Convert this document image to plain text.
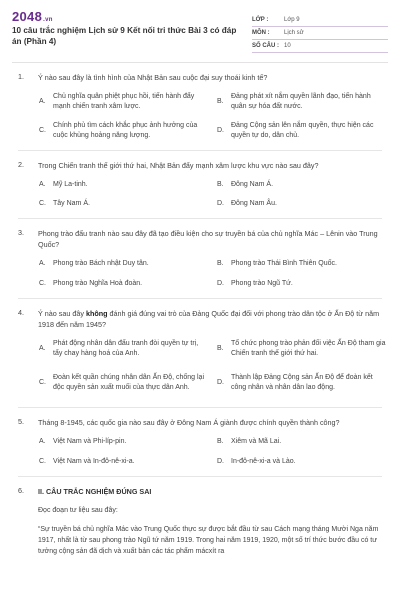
2048.vn
10 câu trắc nghiệm Lịch sử 9 Kết nối tri thức Bài 3 có đáp án (Phần 4)
LỚP :	Lớp 9
MÔN :	Lịch sử
SỐ CÂU : 10
1. Ý nào sau đây là tình hình của Nhật Bản sau cuộc đại suy thoái kinh tế?
A.
Chủ nghĩa quân phiệt phục hồi, tiến hành đẩy mạnh chiến tranh xâm lược.
B.
Đảng phát xít nắm quyền lãnh đạo, tiến hành quân sự hóa đất nước.
C.
Chính phủ tìm cách khắc phục ảnh hưởng của cuộc khủng hoảng năng lượng.
D.
Đảng Cộng sản lên nắm quyền, thực hiện các quyền tự do, dân chủ.
2. Trong Chiến tranh thế giới thứ hai, Nhật Bản đẩy mạnh xâm lược khu vực nào sau đây?
A. Mỹ La-tinh.	B. Đông Nam Á.
C. Tây Nam Á.	D. Đông Nam Âu.
3. Phong trào đấu tranh nào sau đây đã tạo điều kiện cho sự truyền bá của chủ nghĩa Mác – Lênin vào Trung Quốc?
A. Phong trào Bách nhật Duy tân.	B. Phong trào Thái Bình Thiên Quốc.
C. Phong trào Nghĩa Hoà đoàn.	D. Phong trào Ngũ Tứ.
4. Ý nào sau đây không đánh giá đúng vai trò của Đảng Quốc đại đối với phong trào dân tộc ở Ấn Độ từ năm 1918 đến năm 1945?
A.
Phát động nhân dân đấu tranh đòi quyền tự trị, tẩy chay hàng hoá của Anh.
B.
Tổ chức phong trào phản đối việc Ấn Độ tham gia Chiến tranh thế giới thứ hai.
C.
Đoàn kết quần chúng nhân dân Ấn Độ, chống lại độc quyền sản xuất muối của thực dân Anh.
D.
Thành lập Đảng Cộng sản Ấn Độ để đoàn kết công nhân và nhân dân lao động.
5. Tháng 8-1945, các quốc gia nào sau đây ở Đông Nam Á giành được chính quyền thành công?
A. Việt Nam và Phi-líp-pin.	B. Xiêm và Mã Lai.
C. Việt Nam và In-đô-nê-xi-a.	D. In-đô-nê-xi-a và Lào.
6. II. CÂU TRẮC NGHIỆM ĐÚNG SAI
Đọc đoạn tư liệu sau đây:
“Sự truyền bá chủ nghĩa Mác vào Trung Quốc thực sự được bắt đầu từ sau Cách mạng tháng Mười Nga năm 1917, nhất là từ sau phong trào Ngũ tứ năm 1919. Trong hai năm 1919, 1920, một số trí thức bước đầu có tư tưởng cộng sản đã dịch và xuất bản các tác phẩm mácxít ra
